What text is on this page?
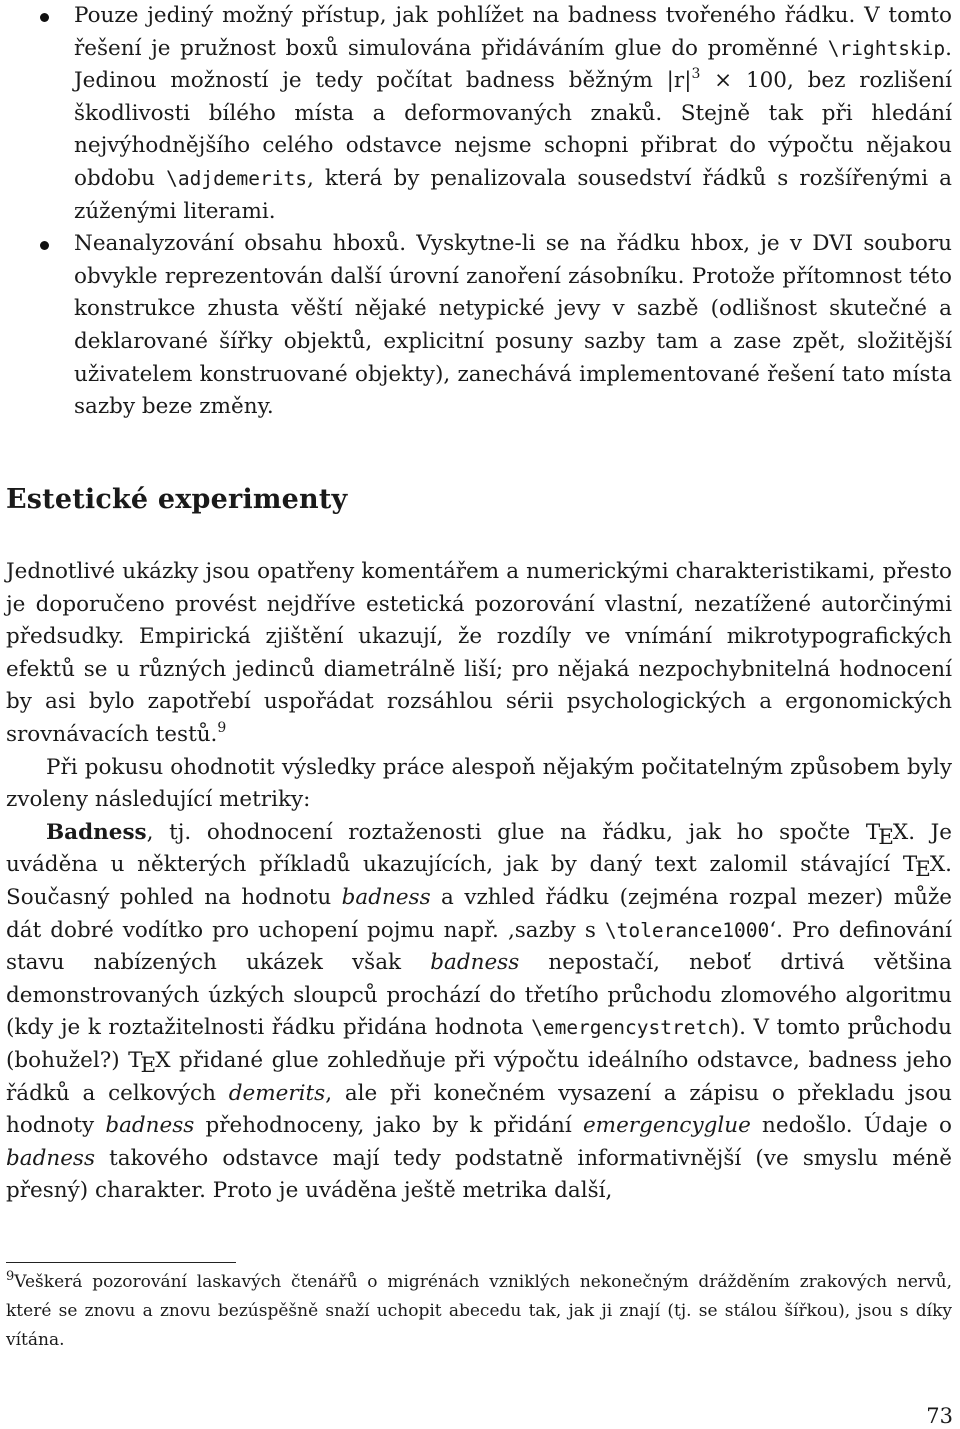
Pouze jediný možný přístup, jak pohlížet na badness tvořeného řádku. V tomto řešení je pružnost boxů simulována přidáváním glue do proměnné \rightskip. Jedinou možností je tedy počítat badness běžným $|r|^3 \times 100$, bez rozlišení škodlivosti bílého místa a deformovaných znaků. Stejně tak při hledání nejvýhodnějšího celého odstavce nejsme schopni přibrat do výpočtu nějakou obdobu \adjdemerits, která by penalizovala sousedství řádků s rozšířenými a zúženými literami.
Neanalyzování obsahu hboxů. Vyskytne-li se na řádku hbox, je v DVI souboru obvykle reprezentován další úrovní zanoření zásobníku. Protože přítomnost této konstrukce zhusta věští nějaké netypické jevy v sazbě (odlišnost skutečné a deklarované šířky objektů, explicitní posuny sazby tam a zase zpět, složitější uživatelem konstruované objekty), zanechává implementované řešení tato místa sazby beze změny.
Estetické experimenty

Jednotlivé ukázky jsou opatřeny komentářem a numerickými charakteristikami, přesto je doporučeno provést nejdříve estetická pozorování vlastní, nezatížené autorčinými předsudky. Empirická zjištění ukazují, že rozdíly ve vnímání mikrotypografických efektů se u různých jedinců diametrálně liší; pro nějaká nezpochybnitelná hodnocení by asi bylo zapotřebí uspořádat rozsáhlou sérii psychologických a ergonomických srovnávacích testů.$^9$

Při pokusu ohodnotit výsledky práce alespoň nějakým počitatelným způsobem byly zvoleny následující metriky:

Badness, tj. ohodnocení roztaženosti glue na řádku, jak ho spočte TEX. Je uváděna u některých příkladů ukazujících, jak by daný text zalomil stávající TEX. Současný pohled na hodnotu badness a vzhled řádku (zejména rozpal mezer) může dát dobré vodítko pro uchopení pojmu např. ‚sazby s \tolerance1000‘. Pro definování stavu nabízených ukázek však badness nepostačí, neboť drtivá většina demonstrovaných úzkých sloupců prochází do třetího průchodu zlomového algoritmu (kdy je k roztažitelnosti řádku přidána hodnota \emergencystretch). V tomto průchodu (bohužel?) TEX přidané glue zohledňuje při výpočtu ideálního odstavce, badness jeho řádků a celkových demerits, ale při konečném vysazení a zápisu o překladu jsou hodnoty badness přehodnoceny, jako by k přidání emergencyglue nedošlo. Údaje o badness takového odstavce mají tedy podstatně informativnější (ve smyslu méně přesný) charakter. Proto je uváděna ještě metrika další,

$^9$Veškerá pozorování laskavých čtenářů o migrénách vzniklých nekonečným drážděním zrakových nervů, které se znovu a znovu bezúspěšně snaží uchopit abecedu tak, jak ji znají (tj. se stálou šířkou), jsou s díky vítána.
73
